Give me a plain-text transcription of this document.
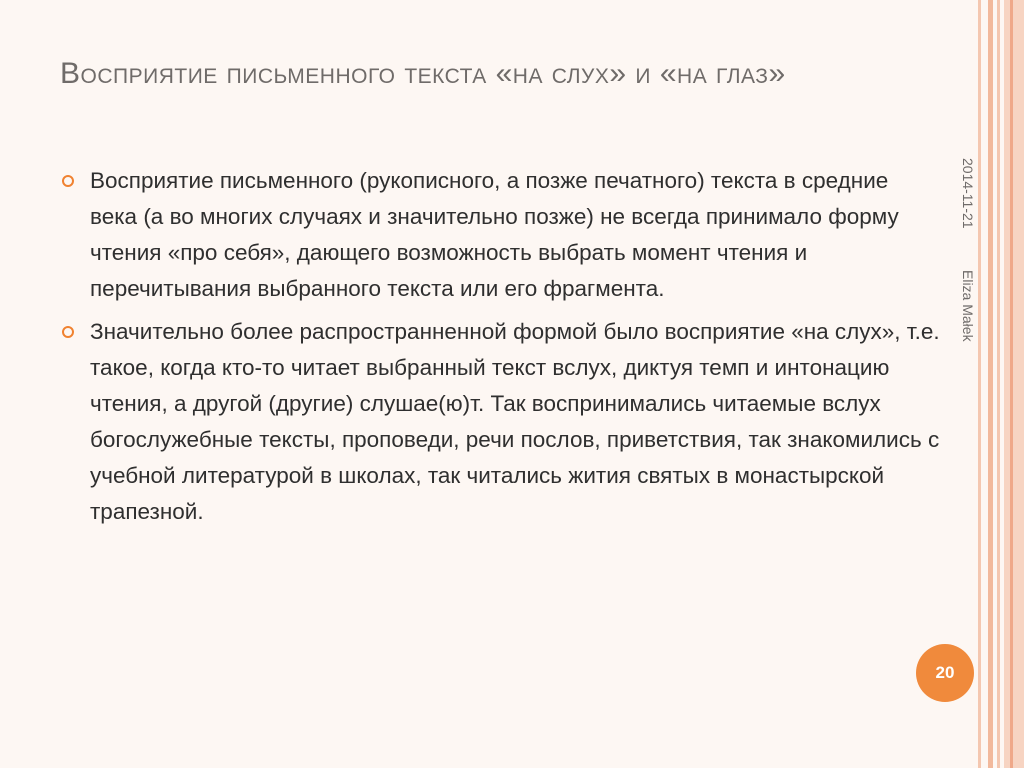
Восприятие письменного текста «на слух» и «на глаз»
Восприятие письменного (рукописного, а позже печатного) текста в средние века (а во многих случаях и значительно позже) не всегда принимало форму чтения «про себя», дающего возможность выбрать момент чтения и перечитывания выбранного текста или его фрагмента.
Значительно более распространненной формой было восприятие «на слух», т.е. такое, когда кто-то читает выбранный текст вслух, диктуя темп и интонацию чтения, а другой (другие) слушае(ю)т. Так воспринимались читаемые вслух богослужебные тексты, проповеди, речи послов, приветствия, так знакомились с учебной литературой в школах, так читались жития святых в монастырской трапезной.
2014-11-21
Eliza Małek
20
